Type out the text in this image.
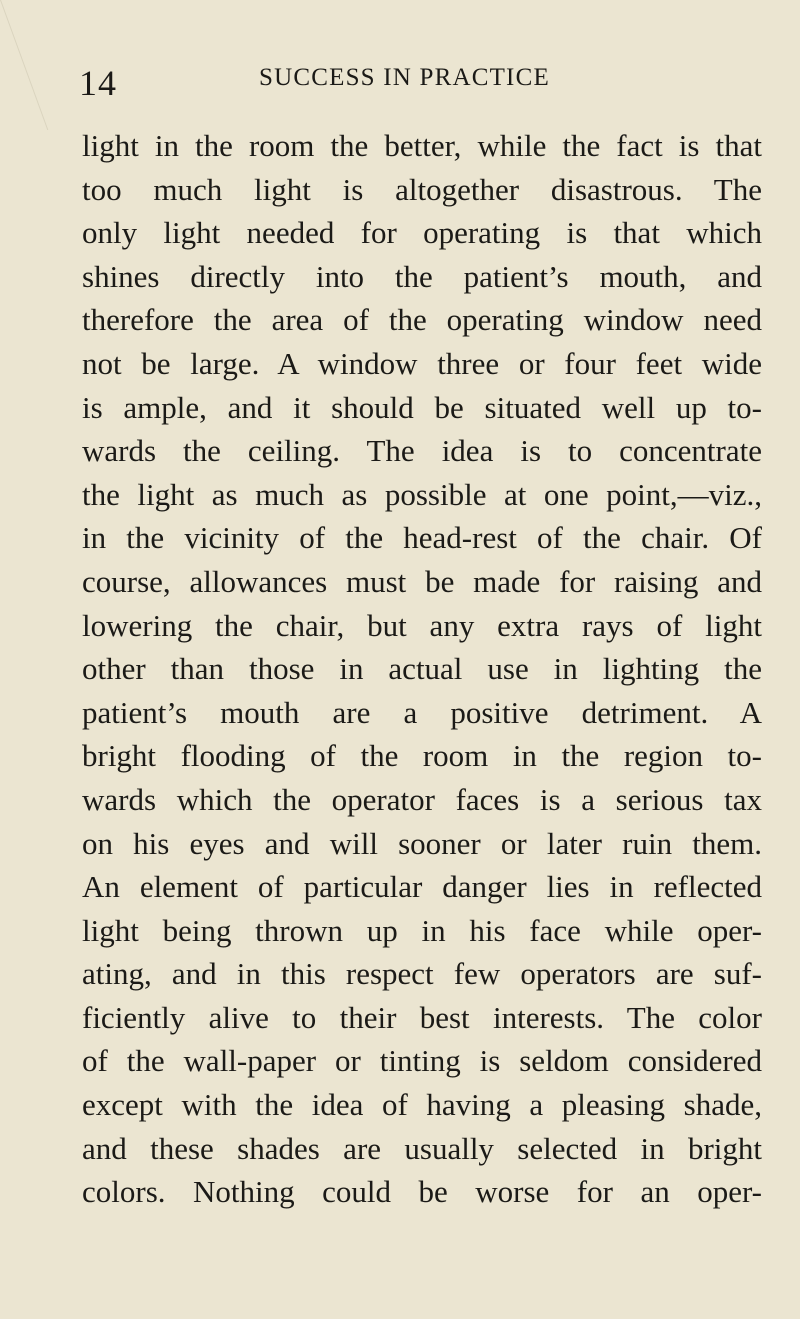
14	SUCCESS IN PRACTICE
light in the room the better, while the fact is that
too much light is altogether disastrous. The
only light needed for operating is that which
shines directly into the patient’s mouth, and
therefore the area of the operating window need
not be large. A window three or four feet wide
is ample, and it should be situated well up to-
wards the ceiling. The idea is to concentrate
the light as much as possible at one point,—viz.,
in the vicinity of the head-rest of the chair. Of
course, allowances must be made for raising and
lowering the chair, but any extra rays of light
other than those in actual use in lighting the
patient’s mouth are a positive detriment. A
bright flooding of the room in the region to-
wards which the operator faces is a serious tax
on his eyes and will sooner or later ruin them.
An element of particular danger lies in reflected
light being thrown up in his face while oper-
ating, and in this respect few operators are suf-
ficiently alive to their best interests. The color
of the wall-paper or tinting is seldom considered
except with the idea of having a pleasing shade,
and these shades are usually selected in bright
colors. Nothing could be worse for an oper-
